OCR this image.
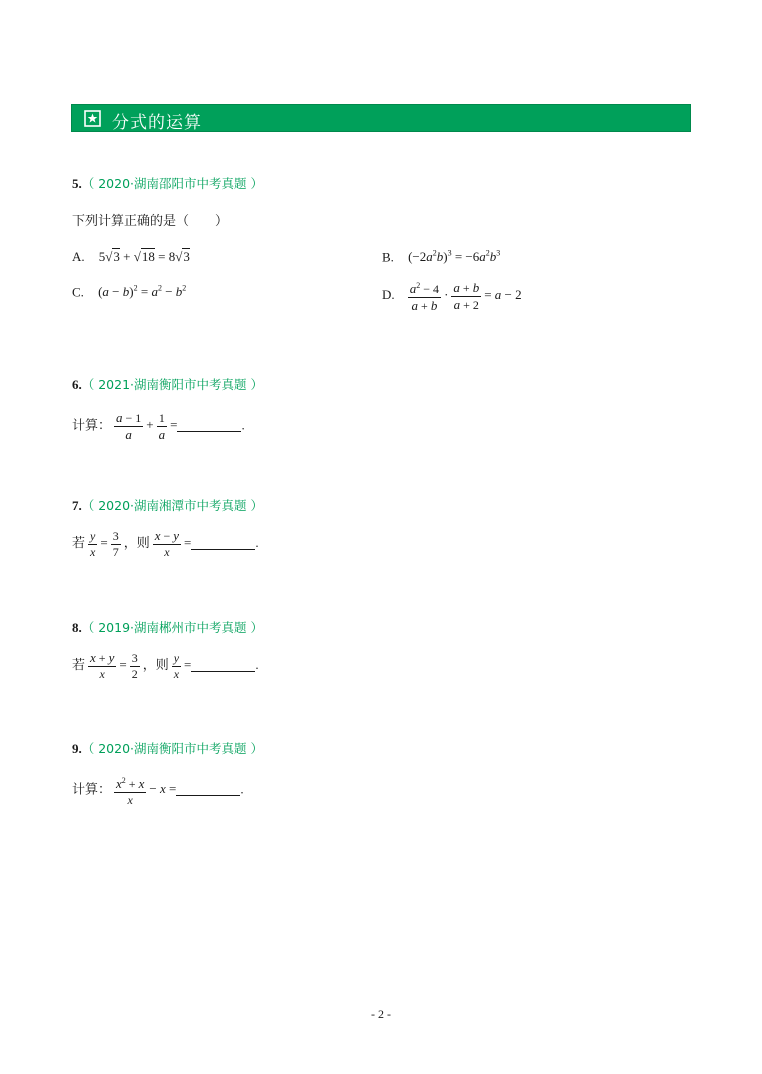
分式的运算
5.（ 2020·湖南邵阳市中考真题 ）
下列计算正确的是（　　）
A. 5√3 + √18 = 8√3	B. $(-2a^2b)^3 = -6a^2b^3$
C. $(a - b)^2 = a^2 - b^2$	D. $\frac{a^2 - 4}{a + b} \cdot \frac{a + b}{a + 2} = a - 2$
6.（ 2021·湖南衡阳市中考真题 ）
计算： $\frac{a - 1}{a} + \frac{1}{a}$ =	.
7.（ 2020·湖南湘潭市中考真题 ）
若 $\frac{y}{x} = \frac{3}{7}$ ，则 $\frac{x - y}{x}$ =	.
8.（ 2019·湖南郴州市中考真题 ）
若 $\frac{x + y}{x} = \frac{3}{2}$ ，则 $\frac{y}{x}$ =	.
9.（ 2020·湖南衡阳市中考真题 ）
计算： $\frac{x^2 + x}{x} - x$ =	.
- 2 -
